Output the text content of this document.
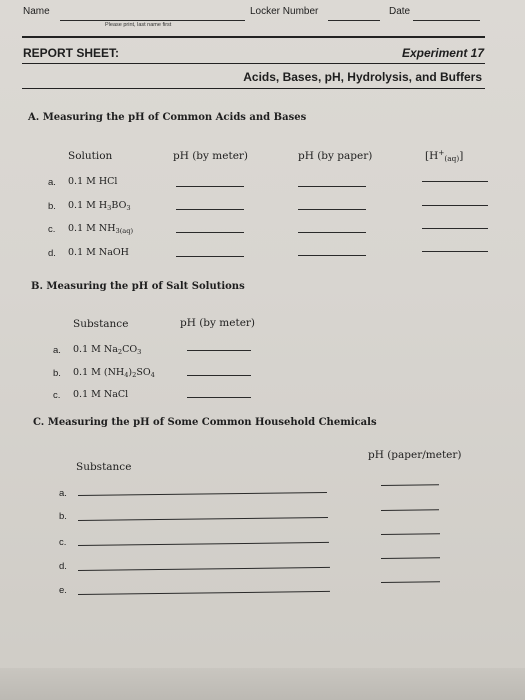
Name
Please print, last name first
Locker Number	Date
REPORT SHEET:	Experiment 17
Acids, Bases, pH, Hydrolysis, and Buffers
A. Measuring the pH of Common Acids and Bases
Solution	pH (by meter)	pH (by paper)	$[H^+_{(aq)}]$
a. 0.1 M HCl
b. 0.1 M $H_3BO_3$
c. 0.1 M $NH_{3(aq)}$
d. 0.1 M NaOH
B. Measuring the pH of Salt Solutions
Substance	pH (by meter)
a. 0.1 M $Na_2CO_3$
b. 0.1 M $(NH_4)_2SO_4$
c. 0.1 M NaCl
C. Measuring the pH of Some Common Household Chemicals
Substance
pH (paper/meter)
a.
b.
c.
d.
e.
